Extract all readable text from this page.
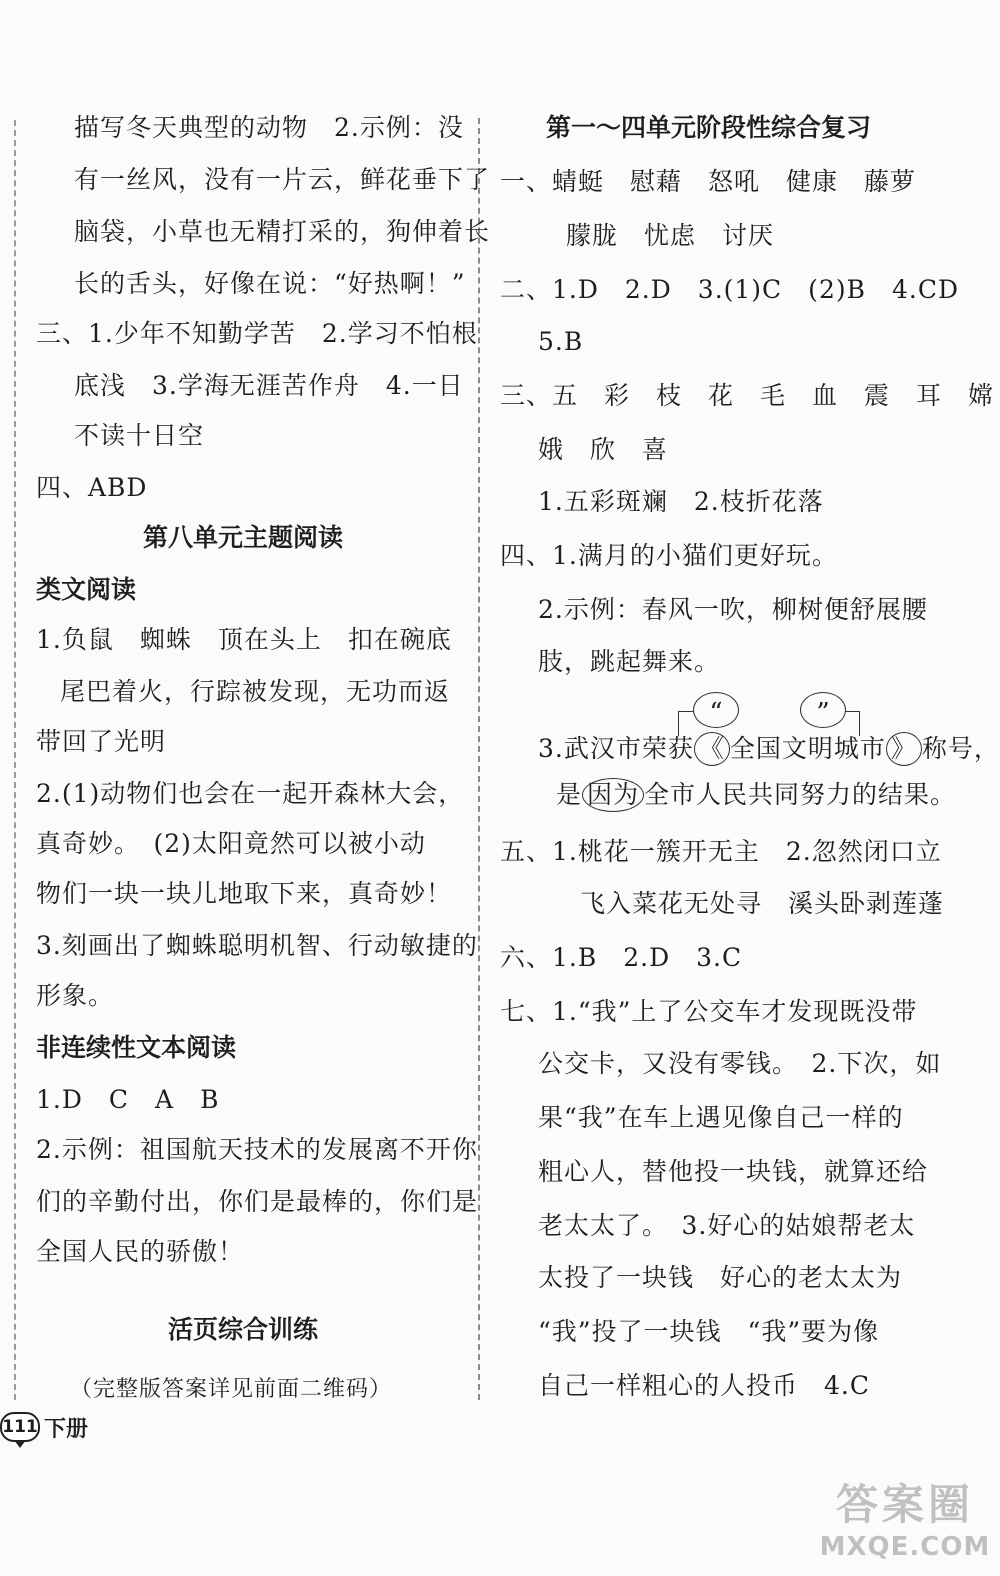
描写冬天典型的动物　2.示例：没
有一丝风，没有一片云，鲜花垂下了
脑袋，小草也无精打采的，狗伸着长
长的舌头，好像在说：“好热啊！”
三、1.少年不知勤学苦　2.学习不怕根
底浅　3.学海无涯苦作舟　4.一日
不读十日空
四、ABD
第八单元主题阅读
类文阅读
1.负鼠　蜘蛛　顶在头上　扣在碗底
尾巴着火，行踪被发现，无功而返
带回了光明
2.(1)动物们也会在一起开森林大会，
真奇妙。　(2)太阳竟然可以被小动
物们一块一块儿地取下来，真奇妙！
3.刻画出了蜘蛛聪明机智、行动敏捷的
形象。
非连续性文本阅读
1.D　C　A　B
2.示例：祖国航天技术的发展离不开你
们的辛勤付出，你们是最棒的，你们是
全国人民的骄傲！
活页综合训练
（完整版答案详见前面二维码）
第一～四单元阶段性综合复习
一、蜻蜓　慰藉　怒吼　健康　藤萝
朦胧　忧虑　讨厌
二、1.D　2.D　3.(1)C　(2)B　4.CD
5.B
三、五　彩　枝　花　毛　血　震　耳　嫦
娥　欣　喜
1.五彩斑斓　2.枝折花落
四、1.满月的小猫们更好玩。
2.示例：春风一吹，柳树便舒展腰
肢，跳起舞来。
“	”
3.武汉市荣获 《 全国文明城市 》 称号，
是 因为 全市人民共同努力的结果。
五、1.桃花一簇开无主　2.忽然闭口立
飞入菜花无处寻　溪头卧剥莲蓬
六、1.B　2.D　3.C
七、1.“我”上了公交车才发现既没带
公交卡，又没有零钱。　2.下次，如
果“我”在车上遇见像自己一样的
粗心人，替他投一块钱，就算还给
老太太了。　3.好心的姑娘帮老太
太投了一块钱　好心的老太太为
“我”投了一块钱　“我”要为像
自己一样粗心的人投币　4.C
111 下册
答案圈
MXQE.COM
